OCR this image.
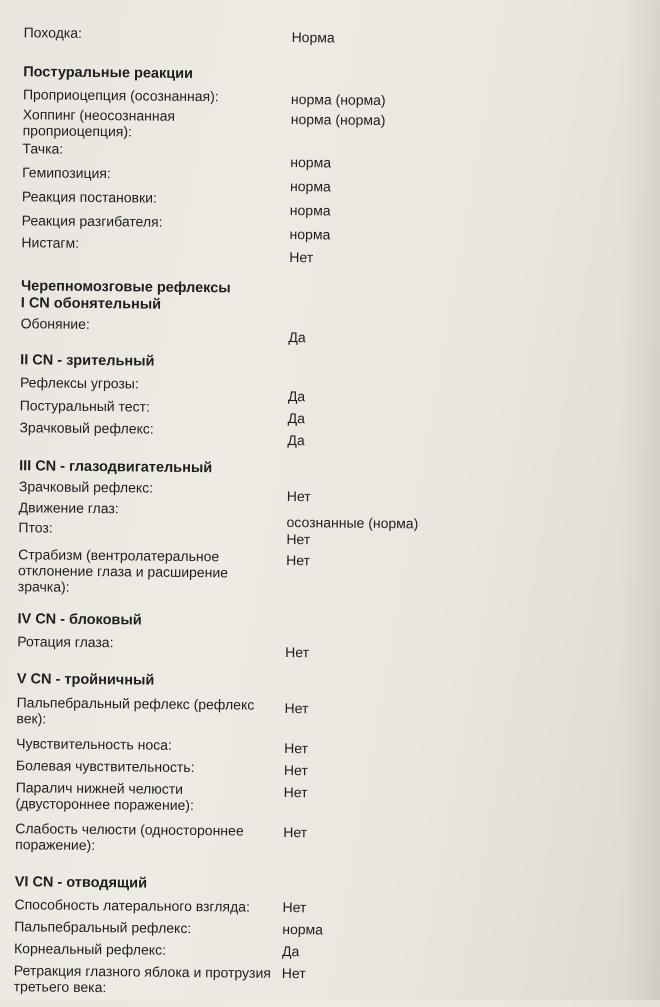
Походка:	Норма
Постуральные реакции
Проприоцепция (осознанная):	норма (норма)
Хоппинг (неосознанная проприоцепция):
норма (норма)
Тачка:
норма
Гемипозиция:
норма
Реакция постановки:
норма
Реакция разгибателя:
норма
Нистагм:
Нет
Черепномозговые рефлексы
I CN обонятельный
Обоняние:
Да
II CN - зрительный
Рефлексы угрозы:
Да
Постуральный тест:
Да
Зрачковый рефлекс:
Да
III CN - глазодвигательный
Зрачковый рефлекс:
Нет
Движение глаз:
осознанные (норма)
Птоз:
Нет
Страбизм (вентролатеральное отклонение глаза и расширение зрачка):
Нет
IV CN - блоковый
Ротация глаза:
Нет
V CN - тройничный
Пальпебральный рефлекс (рефлекс век):
Нет
Чувствительность носа:	Нет
Болевая чувствительность:	Нет
Паралич нижней челюсти (двустороннее поражение):
Нет
Слабость челюсти (одностороннее поражение):
Нет
VI CN - отводящий
Способность латерального взгляда:	Нет
Пальпебральный рефлекс:	норма
Корнеальный рефлекс:	Да
Ретракция глазного яблока и протрузия третьего века:
Нет
